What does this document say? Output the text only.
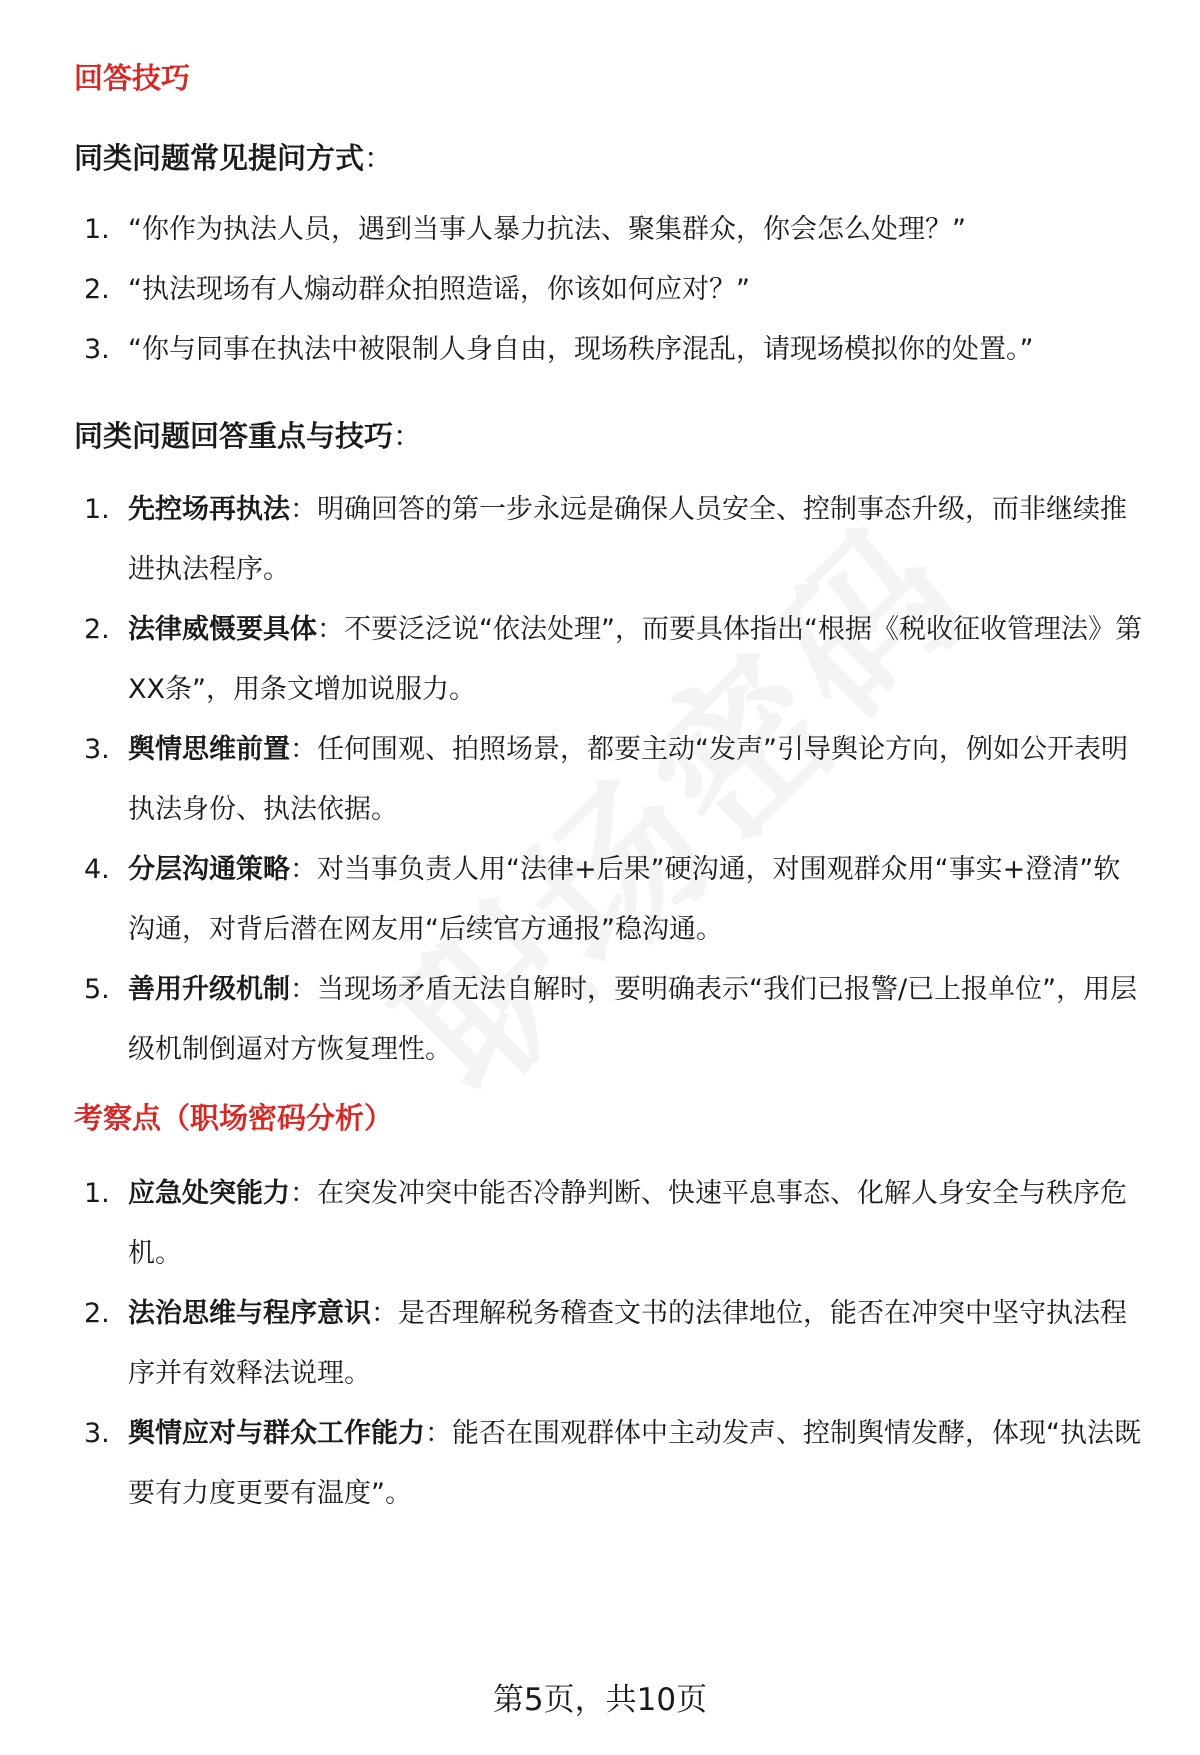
回答技巧
同类问题常见提问方式：
1. “你作为执法人员，遇到当事人暴力抗法、聚集群众，你会怎么处理？”
2. “执法现场有人煽动群众拍照造谣，你该如何应对？”
3. “你与同事在执法中被限制人身自由，现场秩序混乱，请现场模拟你的处置。”
同类问题回答重点与技巧：
1. 先控场再执法：明确回答的第一步永远是确保人员安全、控制事态升级，而非继续推进执法程序。
2. 法律威慑要具体：不要泛泛说“依法处理”，而要具体指出“根据《税收征收管理法》第XX条”，用条文增加说服力。
3. 舆情思维前置：任何围观、拍照场景，都要主动“发声”引导舆论方向，例如公开表明执法身份、执法依据。
4. 分层沟通策略：对当事负责人用“法律+后果”硬沟通，对围观群众用“事实+澄清”软沟通，对背后潜在网友用“后续官方通报”稳沟通。
5. 善用升级机制：当现场矛盾无法自解时，要明确表示“我们已报警/已上报单位”，用层级机制倒逼对方恢复理性。
考察点（职场密码分析）
1. 应急处突能力：在突发冲突中能否冷静判断、快速平息事态、化解人身安全与秩序危机。
2. 法治思维与程序意识：是否理解税务稽查文书的法律地位，能否在冲突中坚守执法程序并有效释法说理。
3. 舆情应对与群众工作能力：能否在围观群体中主动发声、控制舆情发酵，体现“执法既要有力度更要有温度”。
第5页，共10页
